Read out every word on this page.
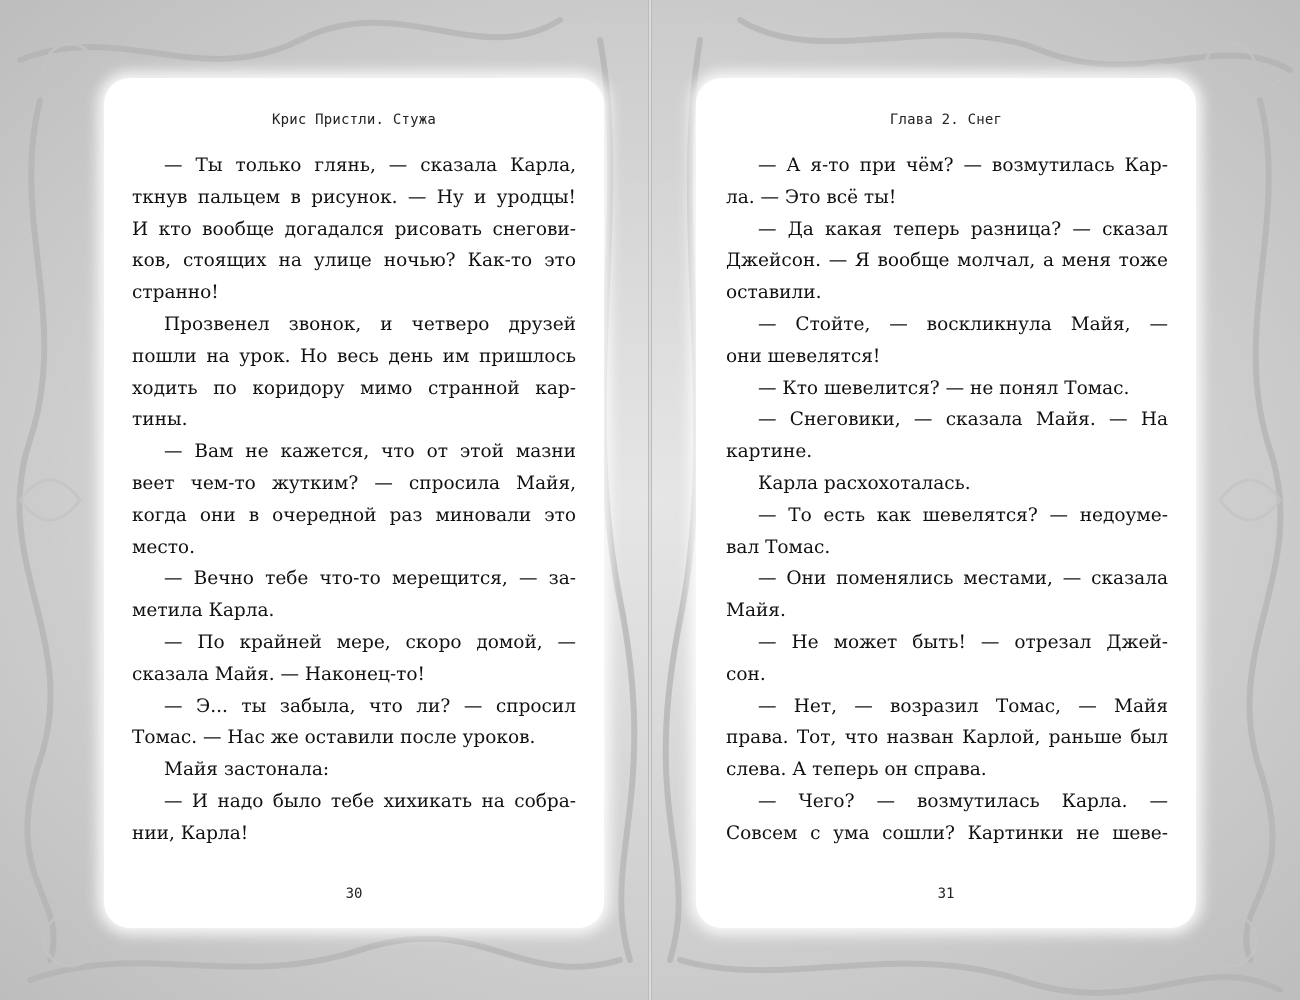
Крис Пристли. Стужа
— Ты только глянь, — сказала Карла,
ткнув пальцем в рисунок. — Ну и уродцы!
И кто вообще догадался рисовать снегови-
ков, стоящих на улице ночью? Как-то это
странно!
Прозвенел звонок, и четверо друзей
пошли на урок. Но весь день им пришлось
ходить по коридору мимо странной кар-
тины.
— Вам не кажется, что от этой мазни
веет чем-то жутким? — спросила Майя,
когда они в очередной раз миновали это
место.
— Вечно тебе что-то мерещится, — за-
метила Карла.
— По крайней мере, скоро домой, —
сказала Майя. — Наконец-то!
— Э... ты забыла, что ли? — спросил
Томас. — Нас же оставили после уроков.
Майя застонала:
— И надо было тебе хихикать на собра-
нии, Карла!
30
Глава 2. Снег
— А я-то при чём? — возмутилась Кар-
ла. — Это всё ты!
— Да какая теперь разница? — сказал
Джейсон. — Я вообще молчал, а меня тоже
оставили.
— Стойте, — воскликнула Майя, —
они шевелятся!
— Кто шевелится? — не понял Томас.
— Снеговики, — сказала Майя. — На
картине.
Карла расхохоталась.
— То есть как шевелятся? — недоуме-
вал Томас.
— Они поменялись местами, — сказала
Майя.
— Не может быть! — отрезал Джей-
сон.
— Нет, — возразил Томас, — Майя
права. Тот, что назван Карлой, раньше был
слева. А теперь он справа.
— Чего? — возмутилась Карла. —
Совсем с ума сошли? Картинки не шеве-
31
